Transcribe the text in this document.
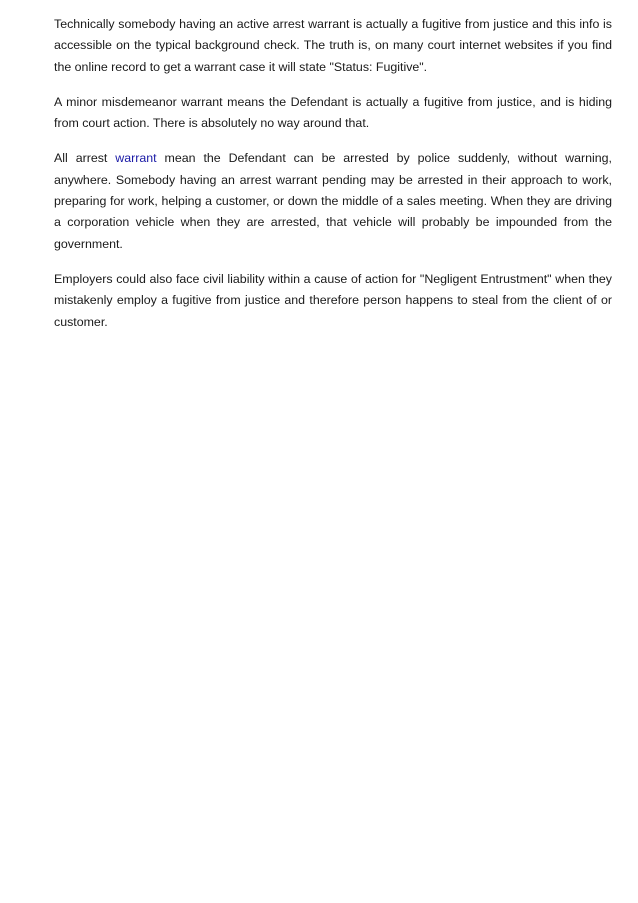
Technically somebody having an active arrest warrant is actually a fugitive from justice and this info is accessible on the typical background check. The truth is, on many court internet websites if you find the online record to get a warrant case it will state "Status: Fugitive".

A minor misdemeanor warrant means the Defendant is actually a fugitive from justice, and is hiding from court action. There is absolutely no way around that.

All arrest warrant mean the Defendant can be arrested by police suddenly, without warning, anywhere. Somebody having an arrest warrant pending may be arrested in their approach to work, preparing for work, helping a customer, or down the middle of a sales meeting. When they are driving a corporation vehicle when they are arrested, that vehicle will probably be impounded from the government.

Employers could also face civil liability within a cause of action for "Negligent Entrustment" when they mistakenly employ a fugitive from justice and therefore person happens to steal from the client of or customer.
